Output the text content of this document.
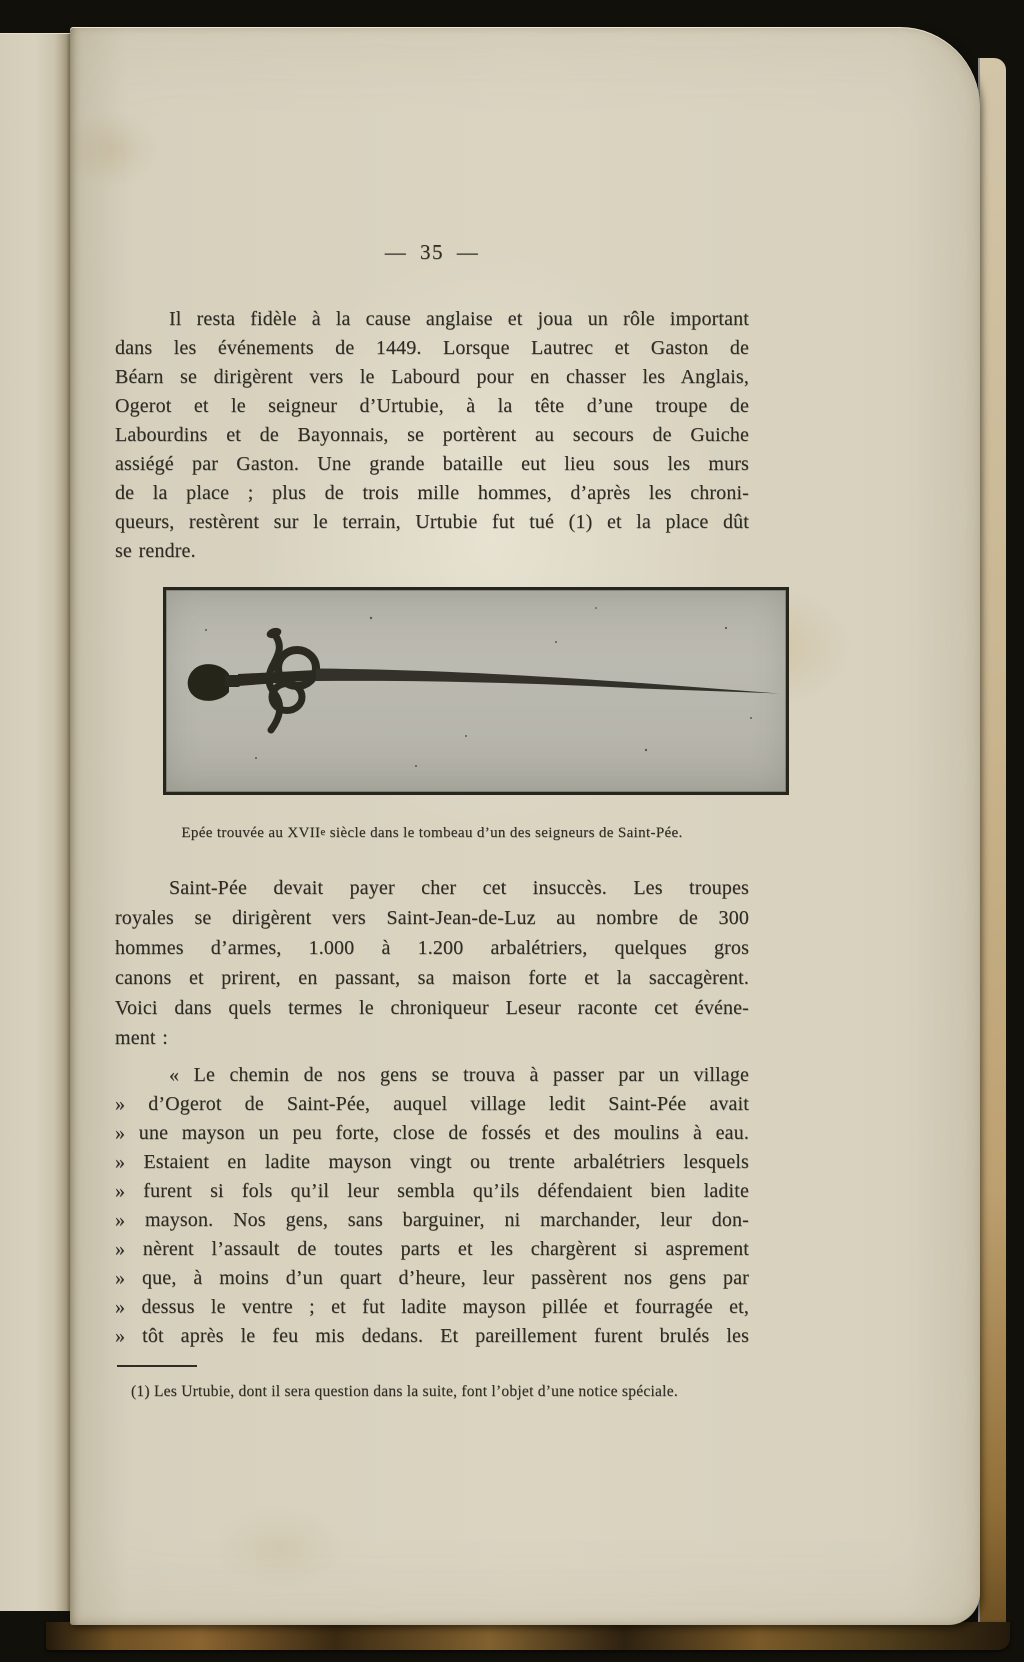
— 35 —
Il resta fidèle à la cause anglaise et joua un rôle important
dans les événements de 1449. Lorsque Lautrec et Gaston de
Béarn se dirigèrent vers le Labourd pour en chasser les Anglais,
Ogerot et le seigneur d’Urtubie, à la tête d’une troupe de
Labourdins et de Bayonnais, se portèrent au secours de Guiche
assiégé par Gaston. Une grande bataille eut lieu sous les murs
de la place ; plus de trois mille hommes, d’après les chroni-
queurs, restèrent sur le terrain, Urtubie fut tué (1) et la place dût
se rendre.
Epée trouvée au XVIIe siècle dans le tombeau d’un des seigneurs de Saint-Pée.
Saint-Pée devait payer cher cet insuccès. Les troupes
royales se dirigèrent vers Saint-Jean-de-Luz au nombre de 300
hommes d’armes, 1.000 à 1.200 arbalétriers, quelques gros
canons et prirent, en passant, sa maison forte et la saccagèrent.
Voici dans quels termes le chroniqueur Leseur raconte cet événe-
ment :
« Le chemin de nos gens se trouva à passer par un village
» d’Ogerot de Saint-Pée, auquel village ledit Saint-Pée avait
» une mayson un peu forte, close de fossés et des moulins à eau.
» Estaient en ladite mayson vingt ou trente arbalétriers lesquels
» furent si fols qu’il leur sembla qu’ils défendaient bien ladite
» mayson. Nos gens, sans barguiner, ni marchander, leur don-
» nèrent l’assault de toutes parts et les chargèrent si asprement
» que, à moins d’un quart d’heure, leur passèrent nos gens par
» dessus le ventre ; et fut ladite mayson pillée et fourragée et,
» tôt après le feu mis dedans. Et pareillement furent brulés les
(1) Les Urtubie, dont il sera question dans la suite, font l’objet d’une notice spéciale.
